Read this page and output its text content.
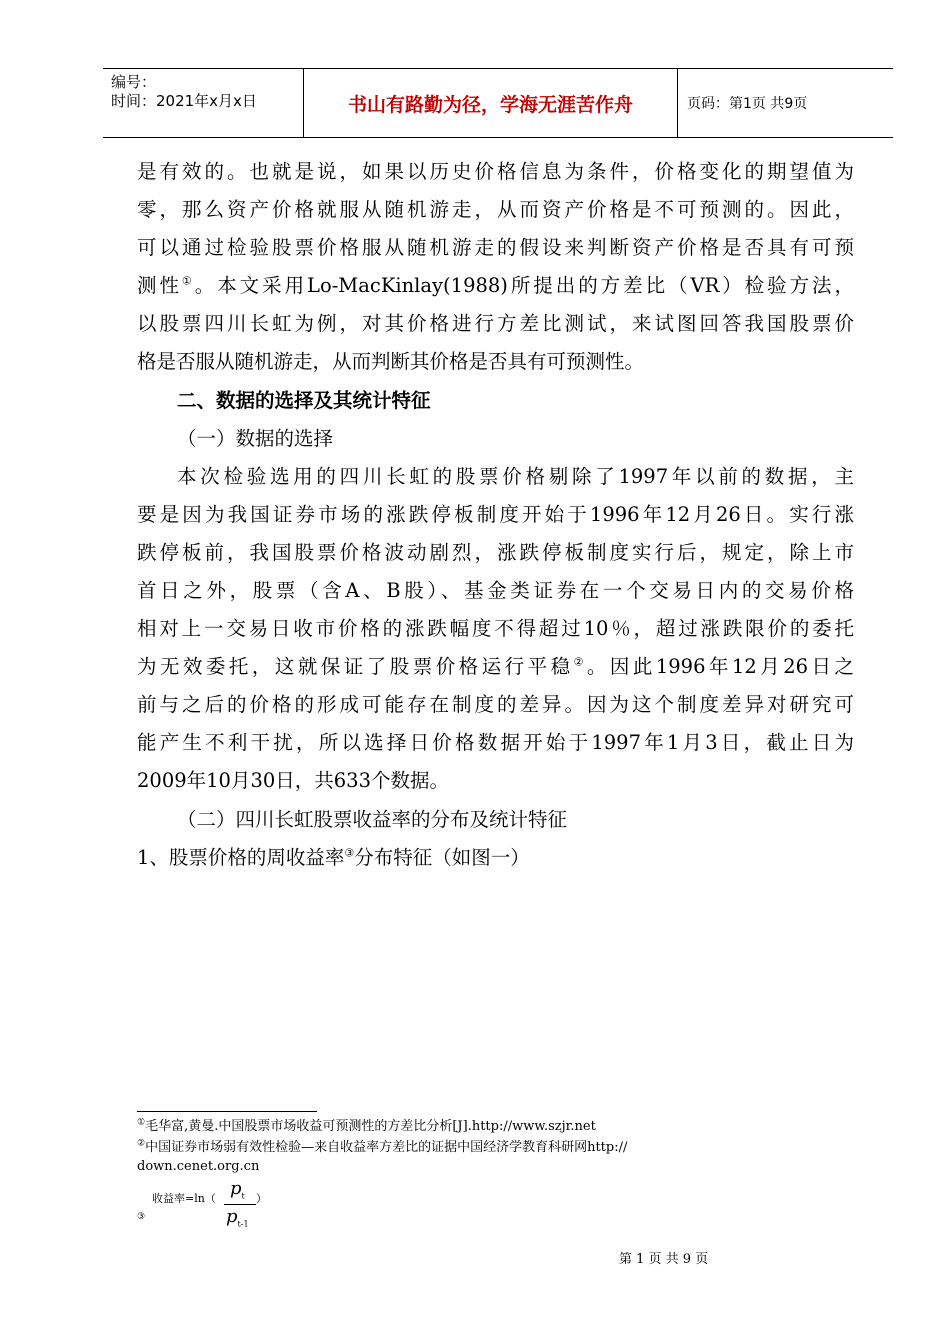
编号：
时间：2021年x月x日	书山有路勤为径，学海无涯苦作舟	页码：第1页 共9页
是有效的。也就是说，如果以历史价格信息为条件，价格变化的期望值为
零，那么资产价格就服从随机游走，从而资产价格是不可预测的。因此，
可以通过检验股票价格服从随机游走的假设来判断资产价格是否具有可预
测性①。本文采用Lo-MacKinlay(1988)所提出的方差比（VR）检验方法，
以股票四川长虹为例，对其价格进行方差比测试，来试图回答我国股票价
格是否服从随机游走，从而判断其价格是否具有可预测性。
二、数据的选择及其统计特征
（一）数据的选择
本次检验选用的四川长虹的股票价格剔除了1997年以前的数据，主
要是因为我国证券市场的涨跌停板制度开始于1996年12月26日。实行涨
跌停板前，我国股票价格波动剧烈，涨跌停板制度实行后，规定，除上市
首日之外，股票（含A、B股）、基金类证券在一个交易日内的交易价格
相对上一交易日收市价格的涨跌幅度不得超过10％，超过涨跌限价的委托
为无效委托，这就保证了股票价格运行平稳②。因此1996年12月26日之
前与之后的价格的形成可能存在制度的差异。因为这个制度差异对研究可
能产生不利干扰，所以选择日价格数据开始于1997年1月3日，截止日为
2009年10月30日，共633个数据。
（二）四川长虹股票收益率的分布及统计特征
1、股票价格的周收益率③分布特征（如图一）
①毛华富,黄曼.中国股票市场收益可预测性的方差比分析[J].http://www.szjr.net
②中国证券市场弱有效性检验—来自收益率方差比的证据中国经济学教育科研网http://
down.cenet.org.cn
③
收益率=ln（ $p_t$
$p_{t-1}$
）
第 1 页 共 9 页
